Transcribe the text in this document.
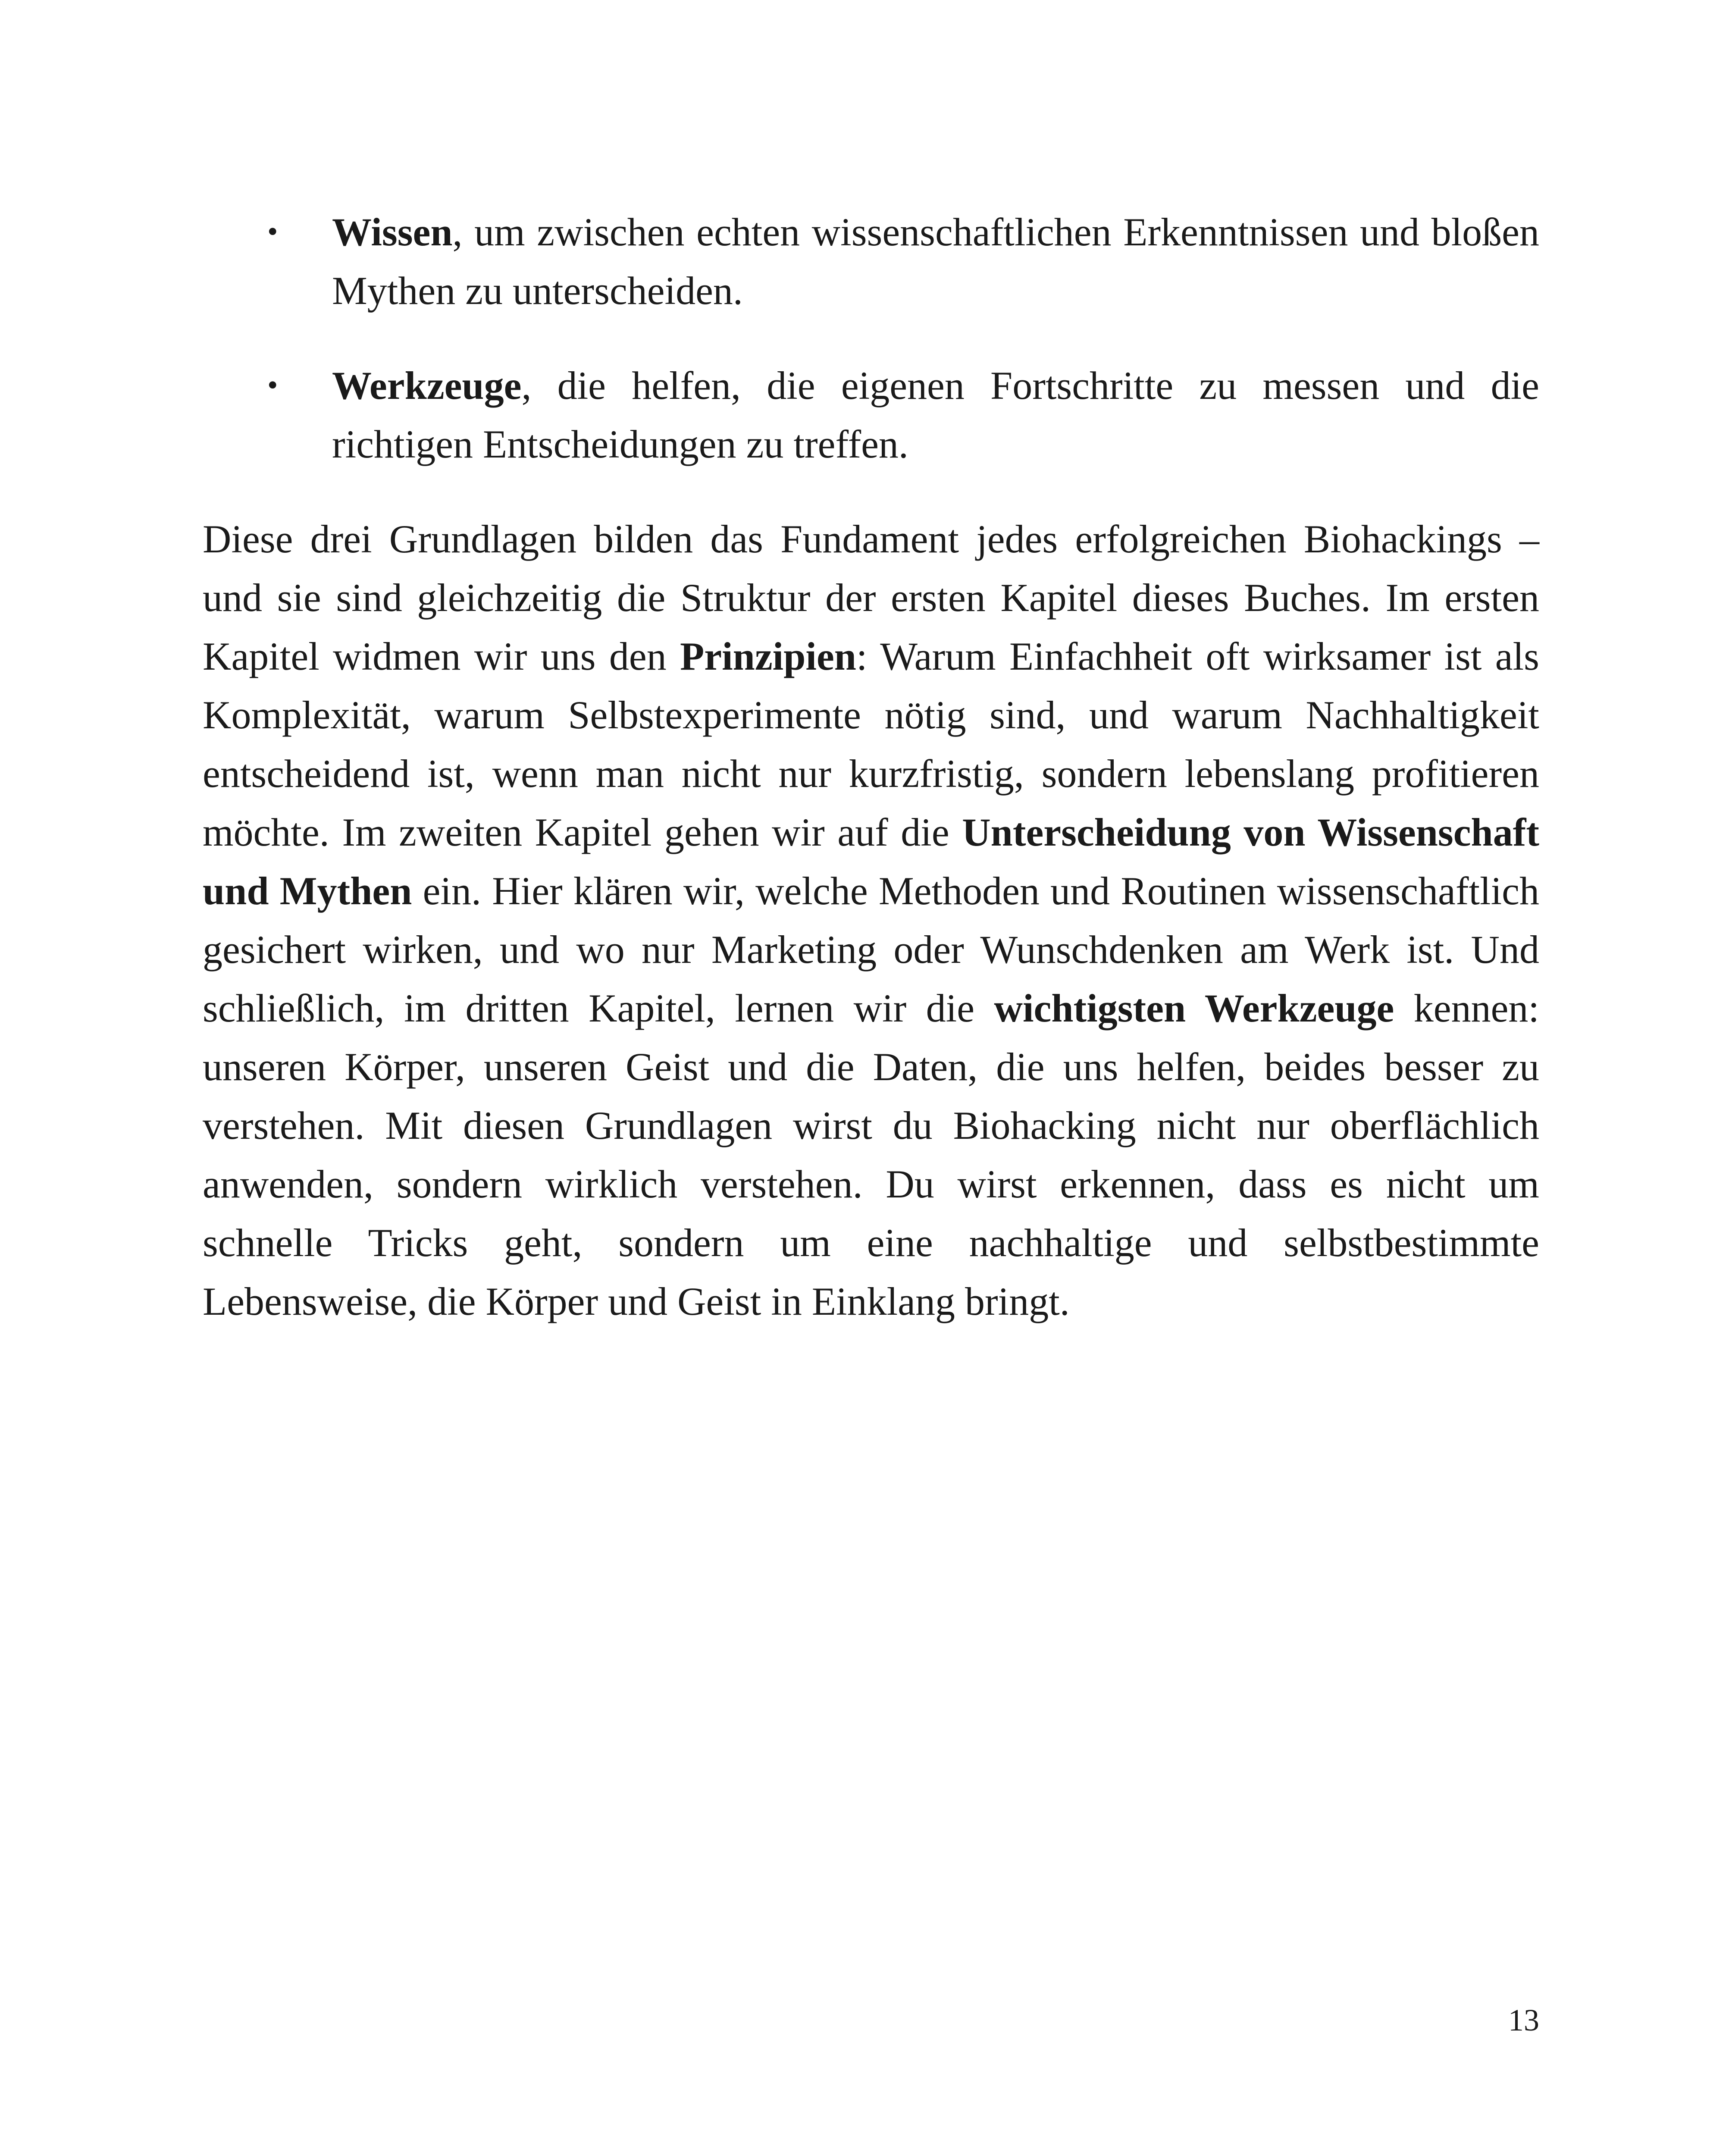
• Wissen, um zwischen echten wissenschaftlichen Erkenntnissen und bloßen Mythen zu unterscheiden.
• Werkzeuge, die helfen, die eigenen Fortschritte zu messen und die richtigen Entscheidungen zu treffen.

Diese drei Grundlagen bilden das Fundament jedes erfolgreichen Biohackings – und sie sind gleichzeitig die Struktur der ersten Kapitel dieses Buches. Im ersten Kapitel widmen wir uns den Prinzipien: Warum Einfachheit oft wirksamer ist als Komplexität, warum Selbstexperimente nötig sind, und warum Nachhaltigkeit entscheidend ist, wenn man nicht nur kurzfristig, sondern lebenslang profitieren möchte. Im zweiten Kapitel gehen wir auf die Unterscheidung von Wissenschaft und Mythen ein. Hier klären wir, welche Methoden und Routinen wissenschaftlich gesichert wirken, und wo nur Marketing oder Wunschdenken am Werk ist. Und schließlich, im dritten Kapitel, lernen wir die wichtigsten Werkzeuge kennen: unseren Körper, unseren Geist und die Daten, die uns helfen, beides besser zu verstehen. Mit diesen Grundlagen wirst du Biohacking nicht nur oberflächlich anwenden, sondern wirklich verstehen. Du wirst erkennen, dass es nicht um schnelle Tricks geht, sondern um eine nachhaltige und selbstbestimmte Lebensweise, die Körper und Geist in Einklang bringt.

13
